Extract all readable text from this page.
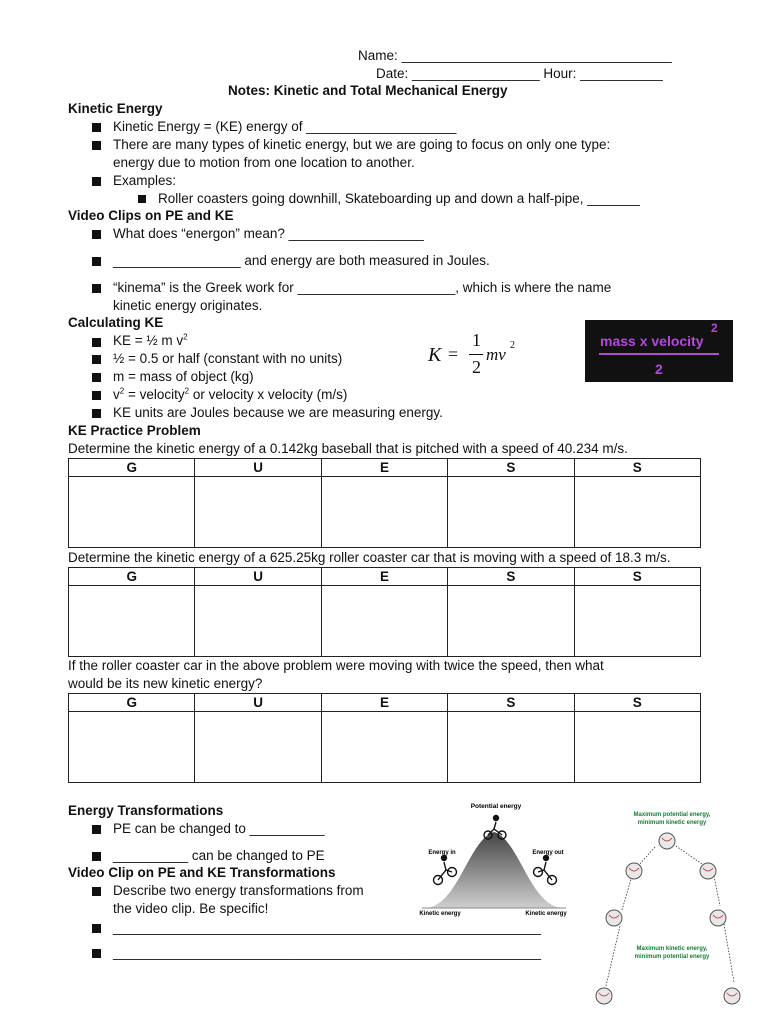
Name: ____________________________________
Date: _________________ Hour: ___________
Notes: Kinetic and Total Mechanical Energy
Kinetic Energy
Kinetic Energy = (KE) energy of ____________________
There are many types of kinetic energy, but we are going to focus on only one type:
energy due to motion from one location to another.
Examples:
Roller coasters going downhill, Skateboarding up and down a half-pipe, _______
Video Clips on PE and KE
What does “energon” mean? __________________
_________________ and energy are both measured in Joules.
“kinema” is the Greek work for _____________________, which is where the name
kinetic energy originates.
Calculating KE
KE = ½ m $v^2$
½ = 0.5 or half (constant with no units)
m = mass of object (kg)
$v^2$ = velocity$^2$ or velocity x velocity (m/s)
KE units are Joules because we are measuring energy.
K =
1
2
mv 2	mass x velocity
2
2
KE Practice Problem
Determine the kinetic energy of a 0.142kg baseball that is pitched with a speed of 40.234 m/s.
G	U	E	S	S

Determine the kinetic energy of a 625.25kg roller coaster car that is moving with a speed of 18.3 m/s.
G	U	E	S	S

If the roller coaster car in the above problem were moving with twice the speed, then what
would be its new kinetic energy?
G	U	E	S	S

Energy Transformations
PE can be changed to __________
__________ can be changed to PE
Video Clip on PE and KE Transformations
Describe two energy transformations from
the video clip. Be specific!
_________________________________________________________
_________________________________________________________
Potential energy
Energy in	Energy out
Kinetic energy	Kinetic energy
Maximum potential energy,
minimum kinetic energy
Maximum kinetic energy,
minimum potential energy
